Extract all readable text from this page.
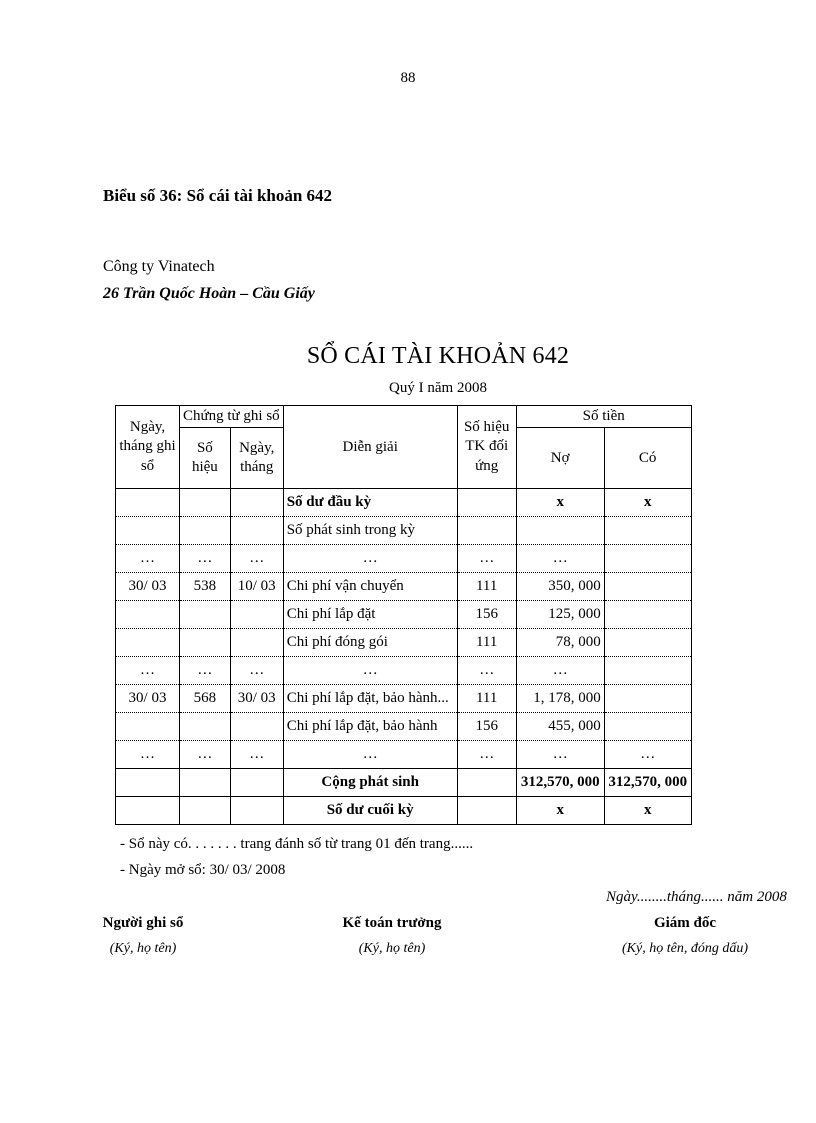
88
Biểu số 36: Sổ cái tài khoản 642
Công ty Vinatech
26 Trần Quốc Hoàn – Cầu Giấy
SỔ CÁI TÀI KHOẢN 642
Quý I năm 2008
Ngày, tháng ghi sổ	Chứng từ ghi sổ		Diễn giải	Số hiệu TK đối ứng	Số tiền	
	Số hiệu	Ngày, tháng			Nợ	Có
			Số dư đầu kỳ		x	x
			Số phát sinh trong kỳ			
…	…	…	…	…	…	
30/ 03	538	10/ 03	Chi phí vận chuyển	111	350, 000	
			Chi phí lắp đặt	156	125, 000	
			Chi phí đóng gói	111	78, 000	
…	…	…	…	…	…	
30/ 03	568	30/ 03	Chi phí lắp đặt, bảo hành...	111	1, 178, 000	
			Chi phí lắp đặt, bảo hành	156	455, 000	
…	…	…	…	…	…	…
			Cộng phát sinh		312,570, 000	312,570, 000
			Số dư cuối kỳ		x	x
- Sổ này có. . . . . . . trang đánh số từ trang 01 đến trang......
- Ngày mở sổ: 30/ 03/ 2008
Ngày........tháng...... năm 2008
Người ghi sổ
(Ký, họ tên)
Kế toán trưởng
(Ký, họ tên)
Giám đốc
(Ký, họ tên, đóng dấu)
